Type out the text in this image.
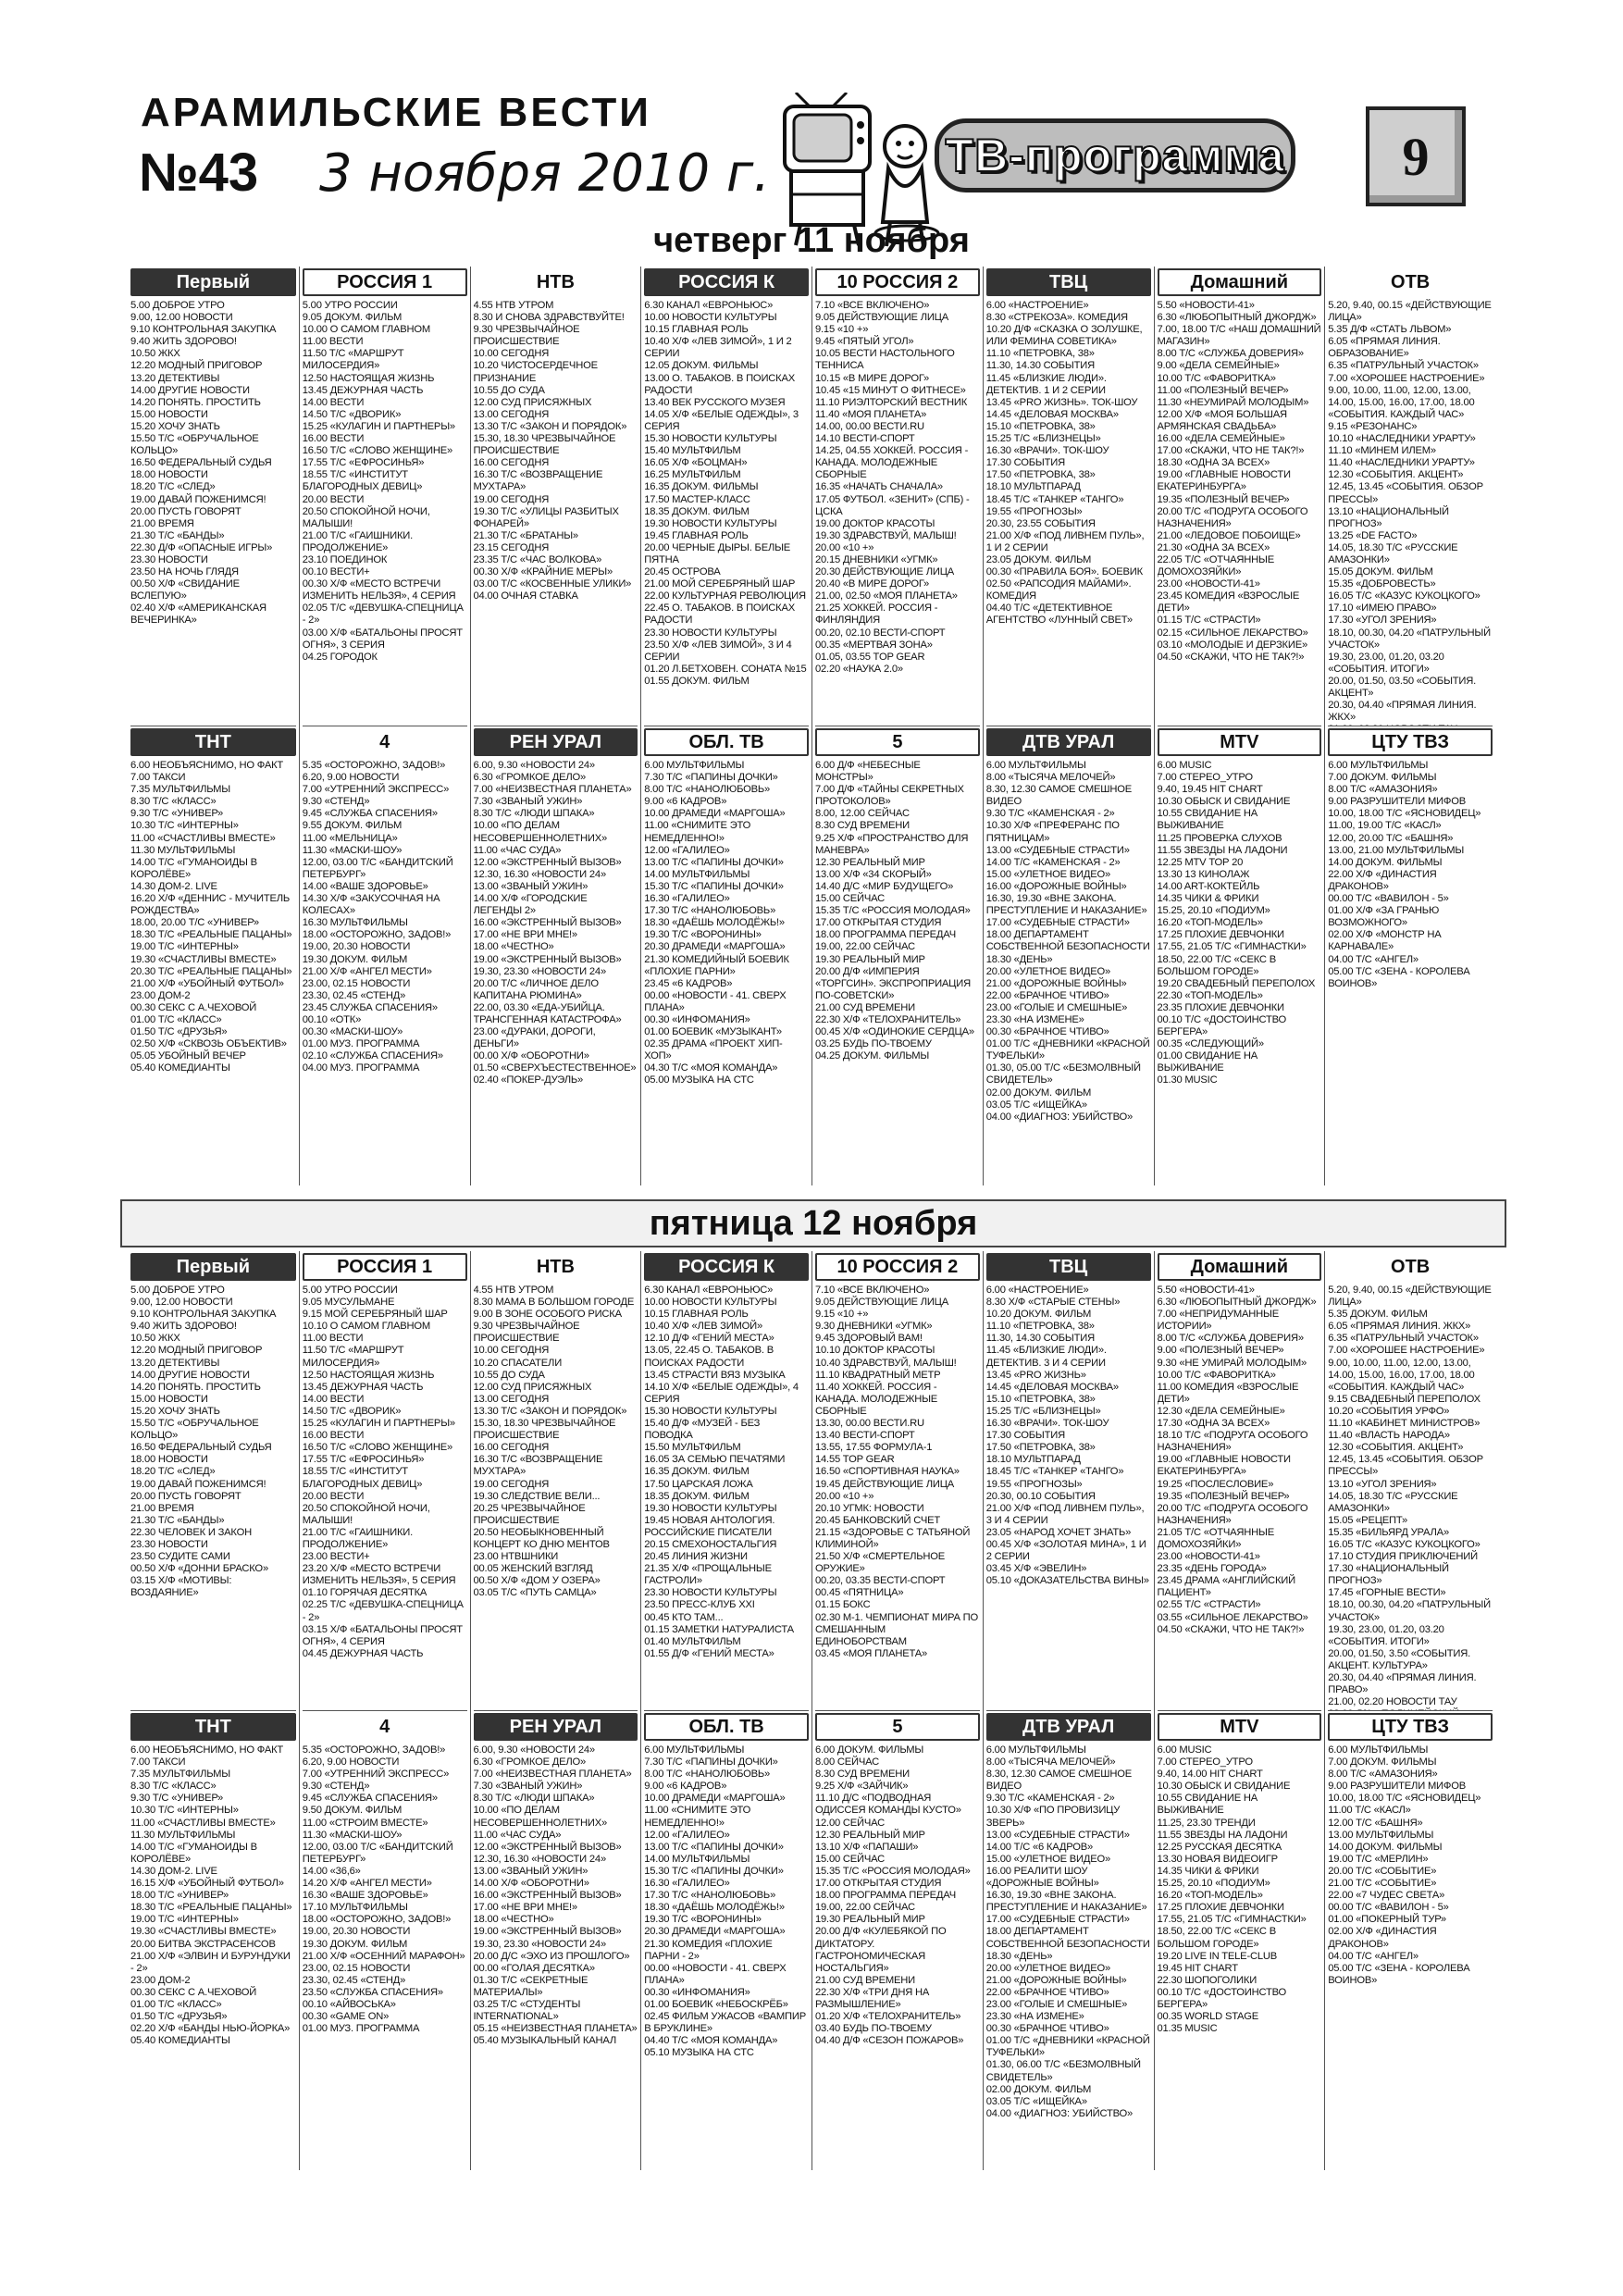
АРАМИЛЬСКИЕ ВЕСТИ
№43 3 ноября 2010 г.	ТВ-программа	9
четверг 11 ноября
Первый

5.00 ДОБРОЕ УТРО

9.00, 12.00 НОВОСТИ

9.10 КОНТРОЛЬНАЯ ЗАКУПКА

9.40 ЖИТЬ ЗДОРОВО!

10.50 ЖКХ

12.20 МОДНЫЙ ПРИГОВОР

13.20 ДЕТЕКТИВЫ

14.00 ДРУГИЕ НОВОСТИ

14.20 ПОНЯТЬ. ПРОСТИТЬ

15.00 НОВОСТИ

15.20 ХОЧУ ЗНАТЬ

15.50 Т/С «ОБРУЧАЛЬНОЕ КОЛЬЦО»

16.50 ФЕДЕРАЛЬНЫЙ СУДЬЯ

18.00 НОВОСТИ

18.20 Т/С «СЛЕД»

19.00 ДАВАЙ ПОЖЕНИМСЯ!

20.00 ПУСТЬ ГОВОРЯТ

21.00 ВРЕМЯ

21.30 Т/С «БАНДЫ»

22.30 Д/Ф «ОПАСНЫЕ ИГРЫ»

23.30 НОВОСТИ

23.50 НА НОЧЬ ГЛЯДЯ

00.50 Х/Ф «СВИДАНИЕ ВСЛЕПУЮ»

02.40 Х/Ф «АМЕРИКАНСКАЯ ВЕЧЕРИНКА»

ТНТ

6.00 НЕОБЪЯСНИМО, НО ФАКТ

7.00 ТАКСИ

7.35 МУЛЬТФИЛЬМЫ

8.30 Т/С «КЛАСС»

9.30 Т/С «УНИВЕР»

10.30 Т/С «ИНТЕРНЫ»

11.00 «СЧАСТЛИВЫ ВМЕСТЕ»

11.30 МУЛЬТФИЛЬМЫ

14.00 Т/С «ГУМАНОИДЫ В КОРОЛЁВЕ»

14.30 ДОМ-2. LIVE

16.20 Х/Ф «ДЕННИС - МУЧИТЕЛЬ РОЖДЕСТВА»

18.00, 20.00 Т/С «УНИВЕР»

18.30 Т/С «РЕАЛЬНЫЕ ПАЦАНЫ»

19.00 Т/С «ИНТЕРНЫ»

19.30 «СЧАСТЛИВЫ ВМЕСТЕ»

20.30 Т/С «РЕАЛЬНЫЕ ПАЦАНЫ»

21.00 Х/Ф «УБОЙНЫЙ ФУТБОЛ»

23.00 ДОМ-2

00.30 СЕКС С А.ЧЕХОВОЙ

01.00 Т/С «КЛАСС»

01.50 Т/С «ДРУЗЬЯ»

02.50 Х/Ф «СКВОЗЬ ОБЪЕКТИВ»

05.05 УБОЙНЫЙ ВЕЧЕР

05.40 КОМЕДИАНТЫ

РОССИЯ 1

5.00 УТРО РОССИИ

9.05 ДОКУМ. ФИЛЬМ

10.00 О САМОМ ГЛАВНОМ

11.00 ВЕСТИ

11.50 Т/С «МАРШРУТ МИЛОСЕРДИЯ»

12.50 НАСТОЯЩАЯ ЖИЗНЬ

13.45 ДЕЖУРНАЯ ЧАСТЬ

14.00 ВЕСТИ

14.50 Т/С «ДВОРИК»

15.25 «КУЛАГИН И ПАРТНЕРЫ»

16.00 ВЕСТИ

16.50 Т/С «СЛОВО ЖЕНЩИНЕ»

17.55 Т/С «ЕФРОСИНЬЯ»

18.55 Т/С «ИНСТИТУТ БЛАГОРОДНЫХ ДЕВИЦ»

20.00 ВЕСТИ

20.50 СПОКОЙНОЙ НОЧИ, МАЛЫШИ!

21.00 Т/С «ГАИШНИКИ. ПРОДОЛЖЕНИЕ»

23.10 ПОЕДИНОК

00.10 ВЕСТИ+

00.30 Х/Ф «МЕСТО ВСТРЕЧИ ИЗМЕНИТЬ НЕЛЬЗЯ», 4 СЕРИЯ

02.05 Т/С «ДЕВУШКА-СПЕЦНИЦА - 2»

03.00 Х/Ф «БАТАЛЬОНЫ ПРОСЯТ ОГНЯ», 3 СЕРИЯ

04.25 ГОРОДОК

4

5.35 «ОСТОРОЖНО, ЗАДОВ!»

6.20, 9.00 НОВОСТИ

7.00 «УТРЕННИЙ ЭКСПРЕСС»

9.30 «СТЕНД»

9.45 «СЛУЖБА СПАСЕНИЯ»

9.55 ДОКУМ. ФИЛЬМ

11.00 «МЕЛЬНИЦА»

11.30 «МАСКИ-ШОУ»

12.00, 03.00 Т/С «БАНДИТСКИЙ ПЕТЕРБУРГ»

14.00 «ВАШЕ ЗДОРОВЬЕ»

14.30 Х/Ф «ЗАКУСОЧНАЯ НА КОЛЕСАХ»

16.30 МУЛЬТФИЛЬМЫ

18.00 «ОСТОРОЖНО, ЗАДОВ!»

19.00, 20.30 НОВОСТИ

19.30 ДОКУМ. ФИЛЬМ

21.00 Х/Ф «АНГЕЛ МЕСТИ»

23.00, 02.15 НОВОСТИ

23.30, 02.45 «СТЕНД»

23.45 СЛУЖБА СПАСЕНИЯ»

00.10 «ОТК»

00.30 «МАСКИ-ШОУ»

01.00 МУЗ. ПРОГРАММА

02.10 «СЛУЖБА СПАСЕНИЯ»

04.00 МУЗ. ПРОГРАММА

НТВ

4.55 НТВ УТРОМ

8.30 И СНОВА ЗДРАВСТВУЙТЕ!

9.30 ЧРЕЗВЫЧАЙНОЕ ПРОИСШЕСТВИЕ

10.00 СЕГОДНЯ

10.20 ЧИСТОСЕРДЕЧНОЕ ПРИЗНАНИЕ

10.55 ДО СУДА

12.00 СУД ПРИСЯЖНЫХ

13.00 СЕГОДНЯ

13.30 Т/С «ЗАКОН И ПОРЯДОК»

15.30, 18.30 ЧРЕЗВЫЧАЙНОЕ ПРОИСШЕСТВИЕ

16.00 СЕГОДНЯ

16.30 Т/С «ВОЗВРАЩЕНИЕ МУХТАРА»

19.00 СЕГОДНЯ

19.30 Т/С «УЛИЦЫ РАЗБИТЫХ ФОНАРЕЙ»

21.30 Т/С «БРАТАНЫ»

23.15 СЕГОДНЯ

23.35 Т/С «ЧАС ВОЛКОВА»

00.30 Х/Ф «КРАЙНИЕ МЕРЫ»

03.00 Т/С «КОСВЕННЫЕ УЛИКИ»

04.00 ОЧНАЯ СТАВКА

РЕН УРАЛ

6.00, 9.30 «НОВОСТИ 24»

6.30 «ГРОМКОЕ ДЕЛО»

7.00 «НЕИЗВЕСТНАЯ ПЛАНЕТА»

7.30 «ЗВАНЫЙ УЖИН»

8.30 Т/С «ЛЮДИ ШПАКА»

10.00 «ПО ДЕЛАМ НЕСОВЕРШЕННОЛЕТНИХ»

11.00 «ЧАС СУДА»

12.00 «ЭКСТРЕННЫЙ ВЫЗОВ»

12.30, 16.30 «НОВОСТИ 24»

13.00 «ЗВАНЫЙ УЖИН»

14.00 Х/Ф «ГОРОДСКИЕ ЛЕГЕНДЫ 2»

16.00 «ЭКСТРЕННЫЙ ВЫЗОВ»

17.00 «НЕ ВРИ МНЕ!»

18.00 «ЧЕСТНО»

19.00 «ЭКСТРЕННЫЙ ВЫЗОВ»

19.30, 23.30 «НОВОСТИ 24»

20.00 Т/С «ЛИЧНОЕ ДЕЛО КАПИТАНА РЮМИНА»

22.00, 03.30 «ЕДА-УБИЙЦА. ТРАНСГЕННАЯ КАТАСТРОФА»

23.00 «ДУРАКИ, ДОРОГИ, ДЕНЬГИ»

00.00 Х/Ф «ОБОРОТНИ»

01.50 «СВЕРХЪЕСТЕСТВЕННОЕ»

02.40 «ПОКЕР-ДУЭЛЬ»

РОССИЯ К

6.30 КАНАЛ «ЕВРОНЬЮС»

10.00 НОВОСТИ КУЛЬТУРЫ

10.15 ГЛАВНАЯ РОЛЬ

10.40 Х/Ф «ЛЕВ ЗИМОЙ», 1 И 2 СЕРИИ

12.05 ДОКУМ. ФИЛЬМЫ

13.00 О. ТАБАКОВ. В ПОИСКАХ РАДОСТИ

13.40 ВЕК РУССКОГО МУЗЕЯ

14.05 Х/Ф «БЕЛЫЕ ОДЕЖДЫ», 3 СЕРИЯ

15.30 НОВОСТИ КУЛЬТУРЫ

15.40 МУЛЬТФИЛЬМ

16.05 Х/Ф «БОЦМАН»

16.25 МУЛЬТФИЛЬМ

16.35 ДОКУМ. ФИЛЬМЫ

17.50 МАСТЕР-КЛАСС

18.35 ДОКУМ. ФИЛЬМ

19.30 НОВОСТИ КУЛЬТУРЫ

19.45 ГЛАВНАЯ РОЛЬ

20.00 ЧЕРНЫЕ ДЫРЫ. БЕЛЫЕ ПЯТНА

20.45 ОСТРОВА

21.00 МОЙ СЕРЕБРЯНЫЙ ШАР

22.00 КУЛЬТУРНАЯ РЕВОЛЮЦИЯ

22.45 О. ТАБАКОВ. В ПОИСКАХ РАДОСТИ

23.30 НОВОСТИ КУЛЬТУРЫ

23.50 Х/Ф «ЛЕВ ЗИМОЙ», 3 И 4 СЕРИИ

01.20 Л.БЕТХОВЕН. СОНАТА №15

01.55 ДОКУМ. ФИЛЬМ

ОБЛ. ТВ

6.00 МУЛЬТФИЛЬМЫ

7.30 Т/С «ПАПИНЫ ДОЧКИ»

8.00 Т/С «НАНОЛЮБОВЬ»

9.00 «6 КАДРОВ»

10.00 ДРАМЕДИ «МАРГОША»

11.00 «СНИМИТЕ ЭТО НЕМЕДЛЕННО!»

12.00 «ГАЛИЛЕО»

13.00 Т/С «ПАПИНЫ ДОЧКИ»

14.00 МУЛЬТФИЛЬМЫ

15.30 Т/С «ПАПИНЫ ДОЧКИ»

16.30 «ГАЛИЛЕО»

17.30 Т/С «НАНОЛЮБОВЬ»

18.30 «ДАЁШЬ МОЛОДЁЖЬ!»

19.30 Т/С «ВОРОНИНЫ»

20.30 ДРАМЕДИ «МАРГОША»

21.30 КОМЕДИЙНЫЙ БОЕВИК «ПЛОХИЕ ПАРНИ»

23.45 «6 КАДРОВ»

00.00 «НОВОСТИ - 41. СВЕРХ ПЛАНА»

00.30 «ИНФОМАНИЯ»

01.00 БОЕВИК «МУЗЫКАНТ»

02.35 ДРАМА «ПРОЕКТ ХИП-ХОП»

04.30 Т/С «МОЯ КОМАНДА»

05.00 МУЗЫКА НА СТС

10 РОССИЯ 2

7.10 «ВСЕ ВКЛЮЧЕНО»

9.05 ДЕЙСТВУЮЩИЕ ЛИЦА

9.15 «10 +»

9.45 «ПЯТЫЙ УГОЛ»

10.05 ВЕСТИ НАСТОЛЬНОГО ТЕННИСА

10.15 «В МИРЕ ДОРОГ»

10.45 «15 МИНУТ О ФИТНЕСЕ»

11.10 РИЭЛТОРСКИЙ ВЕСТНИК

11.40 «МОЯ ПЛАНЕТА»

14.00, 00.00 ВЕСТИ.RU

14.10 ВЕСТИ-СПОРТ

14.25, 04.55 ХОККЕЙ. РОССИЯ - КАНАДА. МОЛОДЕЖНЫЕ СБОРНЫЕ

16.35 «НАЧАТЬ СНАЧАЛА»

17.05 ФУТБОЛ. «ЗЕНИТ» (СПБ) - ЦСКА

19.00 ДОКТОР КРАСОТЫ

19.30 ЗДРАВСТВУЙ, МАЛЫШ!

20.00 «10 +»

20.15 ДНЕВНИКИ «УГМК»

20.30 ДЕЙСТВУЮЩИЕ ЛИЦА

20.40 «В МИРЕ ДОРОГ»

21.00, 02.50 «МОЯ ПЛАНЕТА»

21.25 ХОККЕЙ. РОССИЯ - ФИНЛЯНДИЯ

00.20, 02.10 ВЕСТИ-СПОРТ

00.35 «МЕРТВАЯ ЗОНА»

01.05, 03.55 TOP GEAR

02.20 «НАУКА 2.0»

5

6.00 Д/Ф «НЕБЕСНЫЕ МОНСТРЫ»

7.00 Д/Ф «ТАЙНЫ СЕКРЕТНЫХ ПРОТОКОЛОВ»

8.00, 12.00 СЕЙЧАС

8.30 СУД ВРЕМЕНИ

9.25 Х/Ф «ПРОСТРАНСТВО ДЛЯ МАНЕВРА»

12.30 РЕАЛЬНЫЙ МИР

13.00 Х/Ф «34 СКОРЫЙ»

14.40 Д/С «МИР БУДУЩЕГО»

15.00 СЕЙЧАС

15.35 Т/С «РОССИЯ МОЛОДАЯ»

17.00 ОТКРЫТАЯ СТУДИЯ

18.00 ПРОГРАММА ПЕРЕДАЧ

19.00, 22.00 СЕЙЧАС

19.30 РЕАЛЬНЫЙ МИР

20.00 Д/Ф «ИМПЕРИЯ «ТОРГСИН». ЭКСПРОПРИАЦИЯ ПО-СОВЕТСКИ»

21.00 СУД ВРЕМЕНИ

22.30 Х/Ф «ТЕЛОХРАНИТЕЛЬ»

00.45 Х/Ф «ОДИНОКИЕ СЕРДЦА»

03.25 БУДЬ ПО-ТВОЕМУ

04.25 ДОКУМ. ФИЛЬМЫ

ТВЦ

6.00 «НАСТРОЕНИЕ»

8.30 «СТРЕКОЗА». КОМЕДИЯ

10.20 Д/Ф «СКАЗКА О ЗОЛУШКЕ, ИЛИ ФЕМИНА СОВЕТИКА»

11.10 «ПЕТРОВКА, 38»

11.30, 14.30 СОБЫТИЯ

11.45 «БЛИЗКИЕ ЛЮДИ». ДЕТЕКТИВ. 1 И 2 СЕРИИ

13.45 «PRO ЖИЗНЬ». ТОК-ШОУ

14.45 «ДЕЛОВАЯ МОСКВА»

15.10 «ПЕТРОВКА, 38»

15.25 Т/С «БЛИЗНЕЦЫ»

16.30 «ВРАЧИ». ТОК-ШОУ

17.30 СОБЫТИЯ

17.50 «ПЕТРОВКА, 38»

18.10 МУЛЬТПАРАД

18.45 Т/С «ТАНКЕР «ТАНГО»

19.55 «ПРОГНОЗЫ»

20.30, 23.55 СОБЫТИЯ

21.00 Х/Ф «ПОД ЛИВНЕМ ПУЛЬ», 1 И 2 СЕРИИ

23.05 ДОКУМ. ФИЛЬМ

00.30 «ПРАВИЛА БОЯ». БОЕВИК

02.50 «РАПСОДИЯ МАЙАМИ». КОМЕДИЯ

04.40 Т/С «ДЕТЕКТИВНОЕ АГЕНТСТВО «ЛУННЫЙ СВЕТ»

ДТВ УРАЛ

6.00 МУЛЬТФИЛЬМЫ

8.00 «ТЫСЯЧА МЕЛОЧЕЙ»

8.30, 12.30 САМОЕ СМЕШНОЕ ВИДЕО

9.30 Т/С «КАМЕНСКАЯ - 2»

10.30 Х/Ф «ПРЕФЕРАНС ПО ПЯТНИЦАМ»

13.00 «СУДЕБНЫЕ СТРАСТИ»

14.00 Т/С «КАМЕНСКАЯ - 2»

15.00 «УЛЕТНОЕ ВИДЕО»

16.00 «ДОРОЖНЫЕ ВОЙНЫ»

16.30, 19.30 «ВНЕ ЗАКОНА. ПРЕСТУПЛЕНИЕ И НАКАЗАНИЕ»

17.00 «СУДЕБНЫЕ СТРАСТИ»

18.00 ДЕПАРТАМЕНТ СОБСТВЕННОЙ БЕЗОПАСНОСТИ

18.30 «ДЕНЬ»

20.00 «УЛЕТНОЕ ВИДЕО»

21.00 «ДОРОЖНЫЕ ВОЙНЫ»

22.00 «БРАЧНОЕ ЧТИВО»

23.00 «ГОЛЫЕ И СМЕШНЫЕ»

23.30 «НА ИЗМЕНЕ»

00.30 «БРАЧНОЕ ЧТИВО»

01.00 Т/С «ДНЕВНИКИ «КРАСНОЙ ТУФЕЛЬКИ»

01.30, 05.00 Т/С «БЕЗМОЛВНЫЙ СВИДЕТЕЛЬ»

02.00 ДОКУМ. ФИЛЬМ

03.05 Т/С «ИЩЕЙКА»

04.00 «ДИАГНОЗ: УБИЙСТВО»

Домашний

5.50 «НОВОСТИ-41»

6.30 «ЛЮБОПЫТНЫЙ ДЖОРДЖ»

7.00, 18.00 Т/С «НАШ ДОМАШНИЙ МАГАЗИН»

8.00 Т/С «СЛУЖБА ДОВЕРИЯ»

9.00 «ДЕЛА СЕМЕЙНЫЕ»

10.00 Т/С «ФАВОРИТКА»

11.00 «ПОЛЕЗНЫЙ ВЕЧЕР»

11.30 «НЕУМИРАЙ МОЛОДЫМ»

12.00 Х/Ф «МОЯ БОЛЬШАЯ АРМЯНСКАЯ СВАДЬБА»

16.00 «ДЕЛА СЕМЕЙНЫЕ»

17.00 «СКАЖИ, ЧТО НЕ ТАК?!»

18.30 «ОДНА ЗА ВСЕХ»

19.00 «ГЛАВНЫЕ НОВОСТИ ЕКАТЕРИНБУРГА»

19.35 «ПОЛЕЗНЫЙ ВЕЧЕР»

20.00 Т/С «ПОДРУГА ОСОБОГО НАЗНАЧЕНИЯ»

21.00 «ЛЕДОВОЕ ПОБОИЩЕ»

21.30 «ОДНА ЗА ВСЕХ»

22.05 Т/С «ОТЧАЯННЫЕ ДОМОХОЗЯЙКИ»

23.00 «НОВОСТИ-41»

23.45 КОМЕДИЯ «ВЗРОСЛЫЕ ДЕТИ»

01.15 Т/С «СТРАСТИ»

02.15 «СИЛЬНОЕ ЛЕКАРСТВО»

03.10 «МОЛОДЫЕ И ДЕРЗКИЕ»

04.50 «СКАЖИ, ЧТО НЕ ТАК?!»

MTV

6.00 MUSIC

7.00 СТЕРЕО_УТРО

9.40, 19.45 HIT CHART

10.30 ОБЫСК И СВИДАНИЕ

10.55 СВИДАНИЕ НА ВЫЖИВАНИЕ

11.25 ПРОВЕРКА СЛУХОВ

11.55 ЗВЕЗДЫ НА ЛАДОНИ

12.25 MTV ТОР 20

13.30 13 КИНОЛАЖ

14.00 ART-КОКТЕЙЛЬ

14.35 ЧИКИ & ФРИКИ

15.25, 20.10 «ПОДИУМ»

16.20 «ТОП-МОДЕЛЬ»

17.25 ПЛОХИЕ ДЕВЧОНКИ

17.55, 21.05 Т/С «ГИМНАСТКИ»

18.50, 22.00 Т/С «СЕКС В БОЛЬШОМ ГОРОДЕ»

19.20 СВАДЕБНЫЙ ПЕРЕПОЛОХ

22.30 «ТОП-МОДЕЛЬ»

23.35 ПЛОХИЕ ДЕВЧОНКИ

00.10 Т/С «ДОСТОИНСТВО БЕРГЕРА»

00.35 «СЛЕДУЮЩИЙ»

01.00 СВИДАНИЕ НА ВЫЖИВАНИЕ

01.30 MUSIC

ОТВ

5.20, 9.40, 00.15 «ДЕЙСТВУЮЩИЕ ЛИЦА»

5.35 Д/Ф «СТАТЬ ЛЬВОМ»

6.05 «ПРЯМАЯ ЛИНИЯ. ОБРАЗОВАНИЕ»

6.35 «ПАТРУЛЬНЫЙ УЧАСТОК»

7.00 «ХОРОШЕЕ НАСТРОЕНИЕ»

9.00, 10.00, 11.00, 12.00, 13.00, 14.00, 15.00, 16.00, 17.00, 18.00 «СОБЫТИЯ. КАЖДЫЙ ЧАС»

9.15 «РЕЗОНАНС»

10.10 «НАСЛЕДНИКИ УРАРТУ»

11.10 «МИНЕМ ИЛЕМ»

11.40 «НАСЛЕДНИКИ УРАРТУ»

12.30 «СОБЫТИЯ. АКЦЕНТ»

12.45, 13.45 «СОБЫТИЯ. ОБЗОР ПРЕССЫ»

13.10 «НАЦИОНАЛЬНЫЙ ПРОГНОЗ»

13.25 «DE FACTO»

14.05, 18.30 Т/С «РУССКИЕ АМАЗОНКИ»

15.05 ДОКУМ. ФИЛЬМ

15.35 «ДОБРОВЕСТЬ»

16.05 Т/С «КАЗУС КУКОЦКОГО»

17.10 «ИМЕЮ ПРАВО»

17.30 «УГОЛ ЗРЕНИЯ»

18.10, 00.30, 04.20 «ПАТРУЛЬНЫЙ УЧАСТОК»

19.30, 23.00, 01.20, 03.20 «СОБЫТИЯ. ИТОГИ»

20.00, 01.50, 03.50 «СОБЫТИЯ. АКЦЕНТ»

20.30, 04.40 «ПРЯМАЯ ЛИНИЯ. ЖКХ»

ЦТУ ТВЗ

6.00 МУЛЬТФИЛЬМЫ

7.00 ДОКУМ. ФИЛЬМЫ

8.00 Т/С «АМАЗОНИЯ»

9.00 РАЗРУШИТЕЛИ МИФОВ

10.00, 18.00 Т/С «ЯСНОВИДЕЦ»

11.00, 19.00 Т/С «КАСЛ»

12.00, 20.00 Т/С «БАШНЯ»

13.00, 21.00 МУЛЬТФИЛЬМЫ

14.00 ДОКУМ. ФИЛЬМЫ

22.00 Х/Ф «ДИНАСТИЯ ДРАКОНОВ»

00.00 Т/С «ВАВИЛОН - 5»

01.00 Х/Ф «ЗА ГРАНЬЮ ВОЗМОЖНОГО»

02.00 Х/Ф «МОНСТР НА КАРНАВАЛЕ»

04.00 Т/С «АНГЕЛ»

05.00 Т/С «ЗЕНА - КОРОЛЕВА ВОИНОВ»

пятница 12 ноября
Первый

5.00 ДОБРОЕ УТРО

9.00, 12.00 НОВОСТИ

9.10 КОНТРОЛЬНАЯ ЗАКУПКА

9.40 ЖИТЬ ЗДОРОВО!

10.50 ЖКХ

12.20 МОДНЫЙ ПРИГОВОР

13.20 ДЕТЕКТИВЫ

14.00 ДРУГИЕ НОВОСТИ

14.20 ПОНЯТЬ. ПРОСТИТЬ

15.00 НОВОСТИ

15.20 ХОЧУ ЗНАТЬ

15.50 Т/С «ОБРУЧАЛЬНОЕ КОЛЬЦО»

16.50 ФЕДЕРАЛЬНЫЙ СУДЬЯ

18.00 НОВОСТИ

18.20 Т/С «СЛЕД»

19.00 ДАВАЙ ПОЖЕНИМСЯ!

20.00 ПУСТЬ ГОВОРЯТ

21.00 ВРЕМЯ

21.30 Т/С «БАНДЫ»

22.30 ЧЕЛОВЕК И ЗАКОН

23.30 НОВОСТИ

23.50 СУДИТЕ САМИ

00.50 Х/Ф «ДОННИ БРАСКО»

03.15 Х/Ф «МОТИВЫ: ВОЗДАЯНИЕ»

ТНТ

6.00 НЕОБЪЯСНИМО, НО ФАКТ

7.00 ТАКСИ

7.35 МУЛЬТФИЛЬМЫ

8.30 Т/С «КЛАСС»

9.30 Т/С «УНИВЕР»

10.30 Т/С «ИНТЕРНЫ»

11.00 «СЧАСТЛИВЫ ВМЕСТЕ»

11.30 МУЛЬТФИЛЬМЫ

14.00 Т/С «ГУМАНОИДЫ В КОРОЛЁВЕ»

14.30 ДОМ-2. LIVE

16.15 Х/Ф «УБОЙНЫЙ ФУТБОЛ»

18.00 Т/С «УНИВЕР»

18.30 Т/С «РЕАЛЬНЫЕ ПАЦАНЫ»

19.00 Т/С «ИНТЕРНЫ»

19.30 «СЧАСТЛИВЫ ВМЕСТЕ»

20.00 БИТВА ЭКСТРАСЕНСОВ

21.00 Х/Ф «ЭЛВИН И БУРУНДУКИ - 2»

23.00 ДОМ-2

00.30 СЕКС С А.ЧЕХОВОЙ

01.00 Т/С «КЛАСС»

01.50 Т/С «ДРУЗЬЯ»

02.20 Х/Ф «БАНДЫ НЬЮ-ЙОРКА»

05.40 КОМЕДИАНТЫ

РОССИЯ 1

5.00 УТРО РОССИИ

9.05 МУСУЛЬМАНЕ

9.15 МОЙ СЕРЕБРЯНЫЙ ШАР

10.10 О САМОМ ГЛАВНОМ

11.00 ВЕСТИ

11.50 Т/С «МАРШРУТ МИЛОСЕРДИЯ»

12.50 НАСТОЯЩАЯ ЖИЗНЬ

13.45 ДЕЖУРНАЯ ЧАСТЬ

14.00 ВЕСТИ

14.50 Т/С «ДВОРИК»

15.25 «КУЛАГИН И ПАРТНЕРЫ»

16.00 ВЕСТИ

16.50 Т/С «СЛОВО ЖЕНЩИНЕ»

17.55 Т/С «ЕФРОСИНЬЯ»

18.55 Т/С «ИНСТИТУТ БЛАГОРОДНЫХ ДЕВИЦ»

20.00 ВЕСТИ

20.50 СПОКОЙНОЙ НОЧИ, МАЛЫШИ!

21.00 Т/С «ГАИШНИКИ. ПРОДОЛЖЕНИЕ»

23.00 ВЕСТИ+

23.20 Х/Ф «МЕСТО ВСТРЕЧИ ИЗМЕНИТЬ НЕЛЬЗЯ», 5 СЕРИЯ

01.10 ГОРЯЧАЯ ДЕСЯТКА

02.25 Т/С «ДЕВУШКА-СПЕЦНИЦА - 2»

03.15 Х/Ф «БАТАЛЬОНЫ ПРОСЯТ ОГНЯ», 4 СЕРИЯ

04.45 ДЕЖУРНАЯ ЧАСТЬ

4

5.35 «ОСТОРОЖНО, ЗАДОВ!»

6.20, 9.00 НОВОСТИ

7.00 «УТРЕННИЙ ЭКСПРЕСС»

9.30 «СТЕНД»

9.45 «СЛУЖБА СПАСЕНИЯ»

9.50 ДОКУМ. ФИЛЬМ

11.00 «СТРОИМ ВМЕСТЕ»

11.30 «МАСКИ-ШОУ»

12.00, 03.00 Т/С «БАНДИТСКИЙ ПЕТЕРБУРГ»

14.00 «36,6»

14.20 Х/Ф «АНГЕЛ МЕСТИ»

16.30 «ВАШЕ ЗДОРОВЬЕ»

17.10 МУЛЬТФИЛЬМЫ

18.00 «ОСТОРОЖНО, ЗАДОВ!»

19.00, 20.30 НОВОСТИ

19.30 ДОКУМ. ФИЛЬМ

21.00 Х/Ф «ОСЕННИЙ МАРАФОН»

23.00, 02.15 НОВОСТИ

23.30, 02.45 «СТЕНД»

23.50 «СЛУЖБА СПАСЕНИЯ»

00.10 «АЙВОСЬКА»

00.30 «GAME ON»

01.00 МУЗ. ПРОГРАММА

НТВ

4.55 НТВ УТРОМ

8.30 МАМА В БОЛЬШОМ ГОРОДЕ

9.00 В ЗОНЕ ОСОБОГО РИСКА

9.30 ЧРЕЗВЫЧАЙНОЕ ПРОИСШЕСТВИЕ

10.00 СЕГОДНЯ

10.20 СПАСАТЕЛИ

10.55 ДО СУДА

12.00 СУД ПРИСЯЖНЫХ

13.00 СЕГОДНЯ

13.30 Т/С «ЗАКОН И ПОРЯДОК»

15.30, 18.30 ЧРЕЗВЫЧАЙНОЕ ПРОИСШЕСТВИЕ

16.00 СЕГОДНЯ

16.30 Т/С «ВОЗВРАЩЕНИЕ МУХТАРА»

19.00 СЕГОДНЯ

19.30 СЛЕДСТВИЕ ВЕЛИ...

20.25 ЧРЕЗВЫЧАЙНОЕ ПРОИСШЕСТВИЕ

20.50 НЕОБЫКНОВЕННЫЙ КОНЦЕРТ КО ДНЮ МЕНТОВ

23.00 НТВШНИКИ

00.05 ЖЕНСКИЙ ВЗГЛЯД

00.50 Х/Ф «ДОМ У ОЗЕРА»

03.05 Т/С «ПУТЬ САМЦА»

РЕН УРАЛ

6.00, 9.30 «НОВОСТИ 24»

6.30 «ГРОМКОЕ ДЕЛО»

7.00 «НЕИЗВЕСТНАЯ ПЛАНЕТА»

7.30 «ЗВАНЫЙ УЖИН»

8.30 Т/С «ЛЮДИ ШПАКА»

10.00 «ПО ДЕЛАМ НЕСОВЕРШЕННОЛЕТНИХ»

11.00 «ЧАС СУДА»

12.00 «ЭКСТРЕННЫЙ ВЫЗОВ»

12.30, 16.30 «НОВОСТИ 24»

13.00 «ЗВАНЫЙ УЖИН»

14.00 Х/Ф «ОБОРОТНИ»

16.00 «ЭКСТРЕННЫЙ ВЫЗОВ»

17.00 «НЕ ВРИ МНЕ!»

18.00 «ЧЕСТНО»

19.00 «ЭКСТРЕННЫЙ ВЫЗОВ»

19.30, 23.30 «НОВОСТИ 24»

20.00 Д/С «ЭХО ИЗ ПРОШЛОГО»

00.00 «ГОЛАЯ ДЕСЯТКА»

01.30 Т/С «СЕКРЕТНЫЕ МАТЕРИАЛЫ»

03.25 Т/С «СТУДЕНТЫ INTERNATIONAL»

05.15 «НЕИЗВЕСТНАЯ ПЛАНЕТА»

05.40 МУЗЫКАЛЬНЫЙ КАНАЛ

РОССИЯ К

6.30 КАНАЛ «ЕВРОНЬЮС»

10.00 НОВОСТИ КУЛЬТУРЫ

10.15 ГЛАВНАЯ РОЛЬ

10.40 Х/Ф «ЛЕВ ЗИМОЙ»

12.10 Д/Ф «ГЕНИЙ МЕСТА»

13.05, 22.45 О. ТАБАКОВ. В ПОИСКАХ РАДОСТИ

13.45 СТРАСТИ ВЯЗ МУЗЫКА

14.10 Х/Ф «БЕЛЫЕ ОДЕЖДЫ», 4 СЕРИЯ

15.30 НОВОСТИ КУЛЬТУРЫ

15.40 Д/Ф «МУЗЕЙ - БЕЗ ПОВОДКА

15.50 МУЛЬТФИЛЬМ

16.05 ЗА СЕМЬЮ ПЕЧАТЯМИ

16.35 ДОКУМ. ФИЛЬМ

17.50 ЦАРСКАЯ ЛОЖА

18.35 ДОКУМ. ФИЛЬМ

19.30 НОВОСТИ КУЛЬТУРЫ

19.45 НОВАЯ АНТОЛОГИЯ. РОССИЙСКИЕ ПИСАТЕЛИ

20.15 СМЕХОНОСТАЛЬГИЯ

20.45 ЛИНИЯ ЖИЗНИ

21.35 Х/Ф «ПРОЩАЛЬНЫЕ ГАСТРОЛИ»

23.30 НОВОСТИ КУЛЬТУРЫ

23.50 ПРЕСС-КЛУБ XXI

00.45 КТО ТАМ...

01.15 ЗАМЕТКИ НАТУРАЛИСТА

01.40 МУЛЬТФИЛЬМ

01.55 Д/Ф «ГЕНИЙ МЕСТА»

ОБЛ. ТВ

6.00 МУЛЬТФИЛЬМЫ

7.30 Т/С «ПАПИНЫ ДОЧКИ»

8.00 Т/С «НАНОЛЮБОВЬ»

9.00 «6 КАДРОВ»

10.00 ДРАМЕДИ «МАРГОША»

11.00 «СНИМИТЕ ЭТО НЕМЕДЛЕННО!»

12.00 «ГАЛИЛЕО»

13.00 Т/С «ПАПИНЫ ДОЧКИ»

14.00 МУЛЬТФИЛЬМЫ

15.30 Т/С «ПАПИНЫ ДОЧКИ»

16.30 «ГАЛИЛЕО»

17.30 Т/С «НАНОЛЮБОВЬ»

18.30 «ДАЁШЬ МОЛОДЁЖЬ!»

19.30 Т/С «ВОРОНИНЫ»

20.30 ДРАМЕДИ «МАРГОША»

21.30 КОМЕДИЯ «ПЛОХИЕ ПАРНИ - 2»

00.00 «НОВОСТИ - 41. СВЕРХ ПЛАНА»

00.30 «ИНФОМАНИЯ»

01.00 БОЕВИК «НЕБОСКРЁБ»

02.45 ФИЛЬМ УЖАСОВ «ВАМПИР В БРУКЛИНЕ»

04.40 Т/С «МОЯ КОМАНДА»

05.10 МУЗЫКА НА СТС

10 РОССИЯ 2

7.10 «ВСЕ ВКЛЮЧЕНО»

9.05 ДЕЙСТВУЮЩИЕ ЛИЦА

9.15 «10 +»

9.30 ДНЕВНИКИ «УГМК»

9.45 ЗДОРОВЫЙ ВАМ!

10.10 ДОКТОР КРАСОТЫ

10.40 ЗДРАВСТВУЙ, МАЛЫШ!

11.10 КВАДРАТНЫЙ МЕТР

11.40 ХОККЕЙ. РОССИЯ - КАНАДА. МОЛОДЕЖНЫЕ СБОРНЫЕ

13.30, 00.00 ВЕСТИ.RU

13.40 ВЕСТИ-СПОРТ

13.55, 17.55 ФОРМУЛА-1

14.55 TOP GEAR

16.50 «СПОРТИВНАЯ НАУКА»

19.45 ДЕЙСТВУЮЩИЕ ЛИЦА

20.00 «10 +»

20.10 УГМК: НОВОСТИ

20.45 БАНКОВСКИЙ СЧЕТ

21.15 «ЗДОРОВЬЕ С ТАТЬЯНОЙ КЛИМИНОЙ»

21.50 Х/Ф «СМЕРТЕЛЬНОЕ ОРУЖИЕ»

00.20, 03.35 ВЕСТИ-СПОРТ

00.45 «ПЯТНИЦА»

01.15 БОКС

02.30 М-1. ЧЕМПИОНАТ МИРА ПО СМЕШАННЫМ ЕДИНОБОРСТВАМ

03.45 «МОЯ ПЛАНЕТА»

5

6.00 ДОКУМ. ФИЛЬМЫ

8.00 СЕЙЧАС

8.30 СУД ВРЕМЕНИ

9.25 Х/Ф «ЗАЙЧИК»

11.10 Д/С «ПОДВОДНАЯ ОДИССЕЯ КОМАНДЫ КУСТО»

12.00 СЕЙЧАС

12.30 РЕАЛЬНЫЙ МИР

13.10 Х/Ф «ПАПАШИ»

15.00 СЕЙЧАС

15.35 Т/С «РОССИЯ МОЛОДАЯ»

17.00 ОТКРЫТАЯ СТУДИЯ

18.00 ПРОГРАММА ПЕРЕДАЧ

19.00, 22.00 СЕЙЧАС

19.30 РЕАЛЬНЫЙ МИР

20.00 Д/Ф «КУЛЕБЯКОЙ ПО ДИКТАТОРУ. ГАСТРОНОМИЧЕСКАЯ НОСТАЛЬГИЯ»

21.00 СУД ВРЕМЕНИ

22.30 Х/Ф «ТРИ ДНЯ НА РАЗМЫШЛЕНИЕ»

01.20 Х/Ф «ТЕЛОХРАНИТЕЛЬ»

03.40 БУДЬ ПО-ТВОЕМУ

04.40 Д/Ф «СЕЗОН ПОЖАРОВ»

ТВЦ

6.00 «НАСТРОЕНИЕ»

8.30 Х/Ф «СТАРЫЕ СТЕНЫ»

10.20 ДОКУМ. ФИЛЬМ

11.10 «ПЕТРОВКА, 38»

11.30, 14.30 СОБЫТИЯ

11.45 «БЛИЗКИЕ ЛЮДИ». ДЕТЕКТИВ. 3 И 4 СЕРИИ

13.45 «PRO ЖИЗНЬ»

14.45 «ДЕЛОВАЯ МОСКВА»

15.10 «ПЕТРОВКА, 38»

15.25 Т/С «БЛИЗНЕЦЫ»

16.30 «ВРАЧИ». ТОК-ШОУ

17.30 СОБЫТИЯ

17.50 «ПЕТРОВКА, 38»

18.10 МУЛЬТПАРАД

18.45 Т/С «ТАНКЕР «ТАНГО»

19.55 «ПРОГНОЗЫ»

20.30, 00.10 СОБЫТИЯ

21.00 Х/Ф «ПОД ЛИВНЕМ ПУЛЬ», 3 И 4 СЕРИИ

23.05 «НАРОД ХОЧЕТ ЗНАТЬ»

00.45 Х/Ф «ЗОЛОТАЯ МИНА», 1 И 2 СЕРИИ

03.45 Х/Ф «ЭВЕЛИН»

05.10 «ДОКАЗАТЕЛЬСТВА ВИНЫ»

ДТВ УРАЛ

6.00 МУЛЬТФИЛЬМЫ

8.00 «ТЫСЯЧА МЕЛОЧЕЙ»

8.30, 12.30 САМОЕ СМЕШНОЕ ВИДЕО

9.30 Т/С «КАМЕНСКАЯ - 2»

10.30 Х/Ф «ПО ПРОВИЗИЦУ ЗВЕРЬ»

13.00 «СУДЕБНЫЕ СТРАСТИ»

14.00 Т/С «6 КАДРОВ»

15.00 «УЛЕТНОЕ ВИДЕО»

16.00 РЕАЛИТИ ШОУ «ДОРОЖНЫЕ ВОЙНЫ»

16.30, 19.30 «ВНЕ ЗАКОНА. ПРЕСТУПЛЕНИЕ И НАКАЗАНИЕ»

17.00 «СУДЕБНЫЕ СТРАСТИ»

18.00 ДЕПАРТАМЕНТ СОБСТВЕННОЙ БЕЗОПАСНОСТИ

18.30 «ДЕНЬ»

20.00 «УЛЕТНОЕ ВИДЕО»

21.00 «ДОРОЖНЫЕ ВОЙНЫ»

22.00 «БРАЧНОЕ ЧТИВО»

23.00 «ГОЛЫЕ И СМЕШНЫЕ»

23.30 «НА ИЗМЕНЕ»

00.30 «БРАЧНОЕ ЧТИВО»

01.00 Т/С «ДНЕВНИКИ «КРАСНОЙ ТУФЕЛЬКИ»

01.30, 06.00 Т/С «БЕЗМОЛВНЫЙ СВИДЕТЕЛЬ»

02.00 ДОКУМ. ФИЛЬМ

03.05 Т/С «ИЩЕЙКА»

04.00 «ДИАГНОЗ: УБИЙСТВО»

Домашний

5.50 «НОВОСТИ-41»

6.30 «ЛЮБОПЫТНЫЙ ДЖОРДЖ»

7.00 «НЕПРИДУМАННЫЕ ИСТОРИИ»

8.00 Т/С «СЛУЖБА ДОВЕРИЯ»

9.00 «ПОЛЕЗНЫЙ ВЕЧЕР»

9.30 «НЕ УМИРАЙ МОЛОДЫМ»

10.00 Т/С «ФАВОРИТКА»

11.00 КОМЕДИЯ «ВЗРОСЛЫЕ ДЕТИ»

12.30 «ДЕЛА СЕМЕЙНЫЕ»

17.30 «ОДНА ЗА ВСЕХ»

18.10 Т/С «ПОДРУГА ОСОБОГО НАЗНАЧЕНИЯ»

19.00 «ГЛАВНЫЕ НОВОСТИ ЕКАТЕРИНБУРГА»

19.25 «ПОСЛЕСЛОВИЕ»

19.35 «ПОЛЕЗНЫЙ ВЕЧЕР»

20.00 Т/С «ПОДРУГА ОСОБОГО НАЗНАЧЕНИЯ»

21.05 Т/С «ОТЧАЯННЫЕ ДОМОХОЗЯЙКИ»

23.00 «НОВОСТИ-41»

23.35 «ДЕНЬ ГОРОДА»

23.45 ДРАМА «АНГЛИЙСКИЙ ПАЦИЕНТ»

02.55 Т/С «СТРАСТИ»

03.55 «СИЛЬНОЕ ЛЕКАРСТВО»

04.50 «СКАЖИ, ЧТО НЕ ТАК?!»

MTV

6.00 MUSIC

7.00 СТЕРЕО_УТРО

9.40, 14.00 HIT CHART

10.30 ОБЫСК И СВИДАНИЕ

10.55 СВИДАНИЕ НА ВЫЖИВАНИЕ

11.25, 23.30 ТРЕНДИ

11.55 ЗВЕЗДЫ НА ЛАДОНИ

12.25 РУССКАЯ ДЕСЯТКА

13.30 НОВАЯ ВИДЕОИГР

14.35 ЧИКИ & ФРИКИ

15.25, 20.10 «ПОДИУМ»

16.20 «ТОП-МОДЕЛЬ»

17.25 ПЛОХИЕ ДЕВЧОНКИ

17.55, 21.05 Т/С «ГИМНАСТКИ»

18.50, 22.00 Т/С «СЕКС В БОЛЬШОМ ГОРОДЕ»

19.20 LIVE IN TELE-CLUB

19.45 HIT CHART

22.30 ШОПОГОЛИКИ

00.10 Т/С «ДОСТОИНСТВО БЕРГЕРА»

00.35 WORLD STAGE

01.35 MUSIC

ОТВ

5.20, 9.40, 00.15 «ДЕЙСТВУЮЩИЕ ЛИЦА»

5.35 ДОКУМ. ФИЛЬМ

6.05 «ПРЯМАЯ ЛИНИЯ. ЖКХ»

6.35 «ПАТРУЛЬНЫЙ УЧАСТОК»

7.00 «ХОРОШЕЕ НАСТРОЕНИЕ»

9.00, 10.00, 11.00, 12.00, 13.00, 14.00, 15.00, 16.00, 17.00, 18.00 «СОБЫТИЯ. КАЖДЫЙ ЧАС»

9.15 СВАДЕБНЫЙ ПЕРЕПОЛОХ

10.20 «СОБЫТИЯ УРФО»

11.10 «КАБИНЕТ МИНИСТРОВ»

11.40 «ВЛАСТЬ НАРОДА»

12.30 «СОБЫТИЯ. АКЦЕНТ»

12.45, 13.45 «СОБЫТИЯ. ОБЗОР ПРЕССЫ»

13.10 «УГОЛ ЗРЕНИЯ»

14.05, 18.30 Т/С «РУССКИЕ АМАЗОНКИ»

15.05 «РЕЦЕПТ»

15.35 «БИЛЬЯРД УРАЛА»

16.05 Т/С «КАЗУС КУКОЦКОГО»

17.10 СТУДИЯ ПРИКЛЮЧЕНИЙ

17.30 «НАЦИОНАЛЬНЫЙ ПРОГНОЗ»

17.45 «ГОРНЫЕ ВЕСТИ»

18.10, 00.30, 04.20 «ПАТРУЛЬНЫЙ УЧАСТОК»

19.30, 23.00, 01.20, 03.20 «СОБЫТИЯ. ИТОГИ»

20.00, 01.50, 3.50 «СОБЫТИЯ. АКЦЕНТ. КУЛЬТУРА»

20.30, 04.40 «ПРЯМАЯ ЛИНИЯ. ПРАВО»

21.00, 02.20 НОВОСТИ ТАУ

ЦТУ ТВЗ

6.00 МУЛЬТФИЛЬМЫ

7.00 ДОКУМ. ФИЛЬМЫ

8.00 Т/С «АМАЗОНИЯ»

9.00 РАЗРУШИТЕЛИ МИФОВ

10.00, 18.00 Т/С «ЯСНОВИДЕЦ»

11.00 Т/С «КАСЛ»

12.00 Т/С «БАШНЯ»

13.00 МУЛЬТФИЛЬМЫ

14.00 ДОКУМ. ФИЛЬМЫ

19.00 Т/С «МЕРЛИН»

20.00 Т/С «СОБЫТИЕ»

21.00 Т/С «СОБЫТИЕ»

22.00 «7 ЧУДЕС СВЕТА»

00.00 Т/С «ВАВИЛОН - 5»

01.00 «ПОКЕРНЫЙ ТУР»

02.00 Х/Ф «ДИНАСТИЯ ДРАКОНОВ»

04.00 Т/С «АНГЕЛ»

05.00 Т/С «ЗЕНА - КОРОЛЕВА ВОИНОВ»
